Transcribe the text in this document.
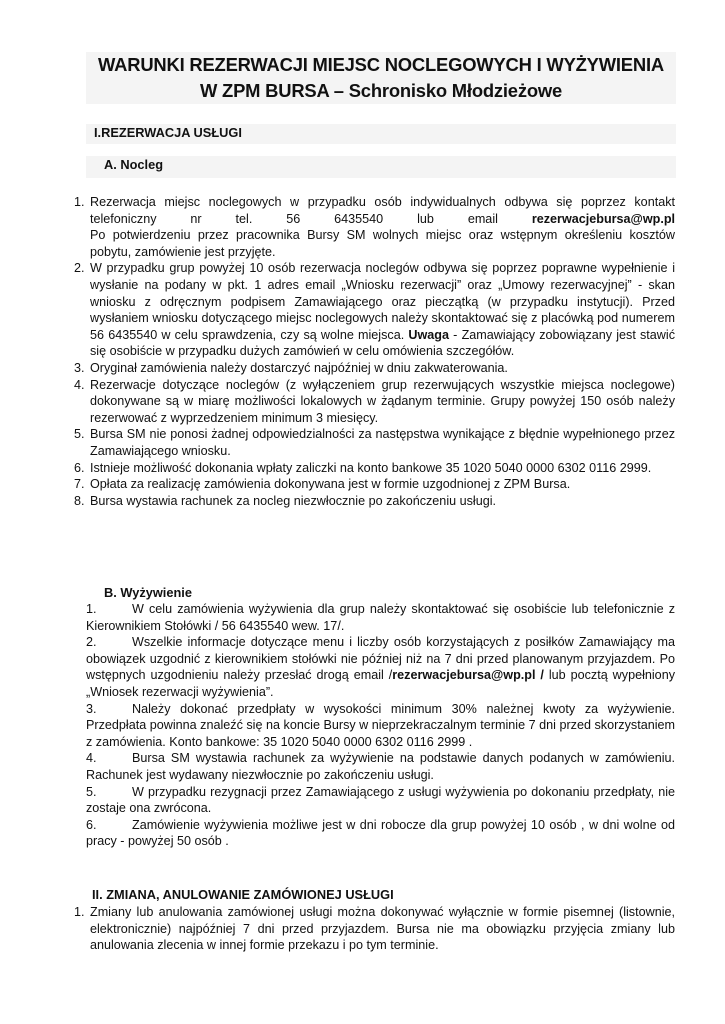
WARUNKI REZERWACJI MIEJSC NOCLEGOWYCH I WYŻYWIENIA
W ZPM BURSA – Schronisko Młodzieżowe
I.REZERWACJA USŁUGI
A. Nocleg
1. Rezerwacja miejsc noclegowych w przypadku osób indywidualnych odbywa się poprzez kontakt telefoniczny nr tel. 56 6435540 lub email	rezerwacjebursa@wp.pl

Po potwierdzeniu przez pracownika Bursy SM wolnych miejsc oraz wstępnym określeniu kosztów pobytu, zamówienie jest przyjęte.

2. W przypadku grup powyżej 10 osób rezerwacja noclegów odbywa się poprzez poprawne wypełnienie i wysłanie na podany w pkt. 1 adres email „Wniosku rezerwacji” oraz „Umowy rezerwacyjnej” - skan wniosku z odręcznym podpisem Zamawiającego oraz pieczątką (w przypadku instytucji). Przed wysłaniem wniosku dotyczącego miejsc noclegowych należy skontaktować się z placówką pod numerem 56 6435540 w celu sprawdzenia, czy są wolne miejsca. Uwaga - Zamawiający zobowiązany jest stawić się osobiście w przypadku dużych zamówień w celu omówienia szczegółów.

3. Oryginał zamówienia należy dostarczyć najpóźniej w dniu zakwaterowania.

4. Rezerwacje dotyczące noclegów (z wyłączeniem grup rezerwujących wszystkie miejsca noclegowe) dokonywane są w miarę możliwości lokalowych w żądanym terminie. Grupy powyżej 150 osób należy rezerwować z wyprzedzeniem minimum 3 miesięcy.

5. Bursa SM nie ponosi żadnej odpowiedzialności za następstwa wynikające z błędnie wypełnionego przez Zamawiającego wniosku.

6. Istnieje możliwość dokonania wpłaty zaliczki na konto bankowe 35 1020 5040 0000 6302 0116 2999.

7. Opłata za realizację zamówienia dokonywana jest w formie uzgodnionej z ZPM Bursa.

8. Bursa wystawia rachunek za nocleg niezwłocznie po zakończeniu usługi.

B. Wyżywienie

1.	W celu zamówienia wyżywienia dla grup należy skontaktować się osobiście lub telefonicznie z Kierownikiem Stołówki / 56 6435540 wew. 17/.

2.	Wszelkie informacje dotyczące menu i liczby osób korzystających z posiłków Zamawiający ma obowiązek uzgodnić z kierownikiem stołówki nie później niż na 7 dni przed planowanym przyjazdem. Po wstępnych uzgodnieniu należy przesłać drogą email /rezerwacjebursa@wp.pl / lub pocztą wypełniony „Wniosek rezerwacji wyżywienia”.

3.	Należy dokonać przedpłaty w wysokości minimum 30% należnej kwoty za wyżywienie. Przedpłata powinna znaleźć się na koncie Bursy w nieprzekraczalnym terminie 7 dni przed skorzystaniem z zamówienia. Konto bankowe: 35 1020 5040 0000 6302 0116 2999 .

4.	Bursa SM wystawia rachunek za wyżywienie na podstawie danych podanych w zamówieniu. Rachunek jest wydawany niezwłocznie po zakończeniu usługi.

5.	W przypadku rezygnacji przez Zamawiającego z usługi wyżywienia po dokonaniu przedpłaty, nie zostaje ona zwrócona.

6.	Zamówienie wyżywienia możliwe jest w dni robocze dla grup powyżej 10 osób , w dni wolne od pracy - powyżej 50 osób .

II. ZMIANA, ANULOWANIE ZAMÓWIONEJ USŁUGI
1. Zmiany lub anulowania zamówionej usługi można dokonywać wyłącznie w formie pisemnej (listownie, elektronicznie) najpóźniej 7 dni przed przyjazdem. Bursa nie ma obowiązku przyjęcia zmiany lub anulowania zlecenia w innej formie przekazu i po tym terminie.
